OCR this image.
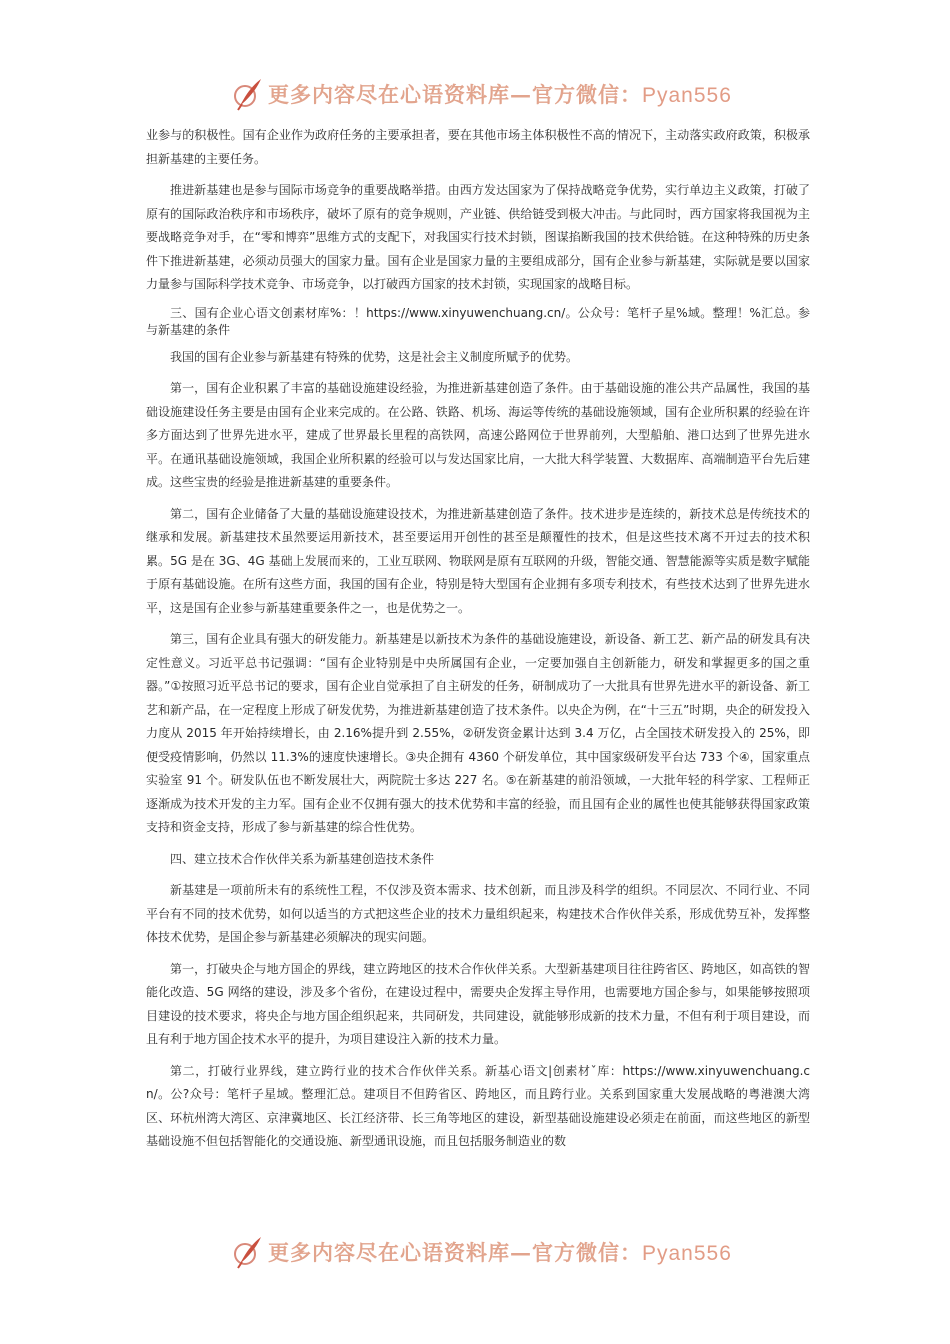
更多内容尽在心语资料库—官方微信：Pyan556

业参与的积极性。国有企业作为政府任务的主要承担者，要在其他市场主体积极性不高的情况下，主动落实政府政策，积极承担新基建的主要任务。

推进新基建也是参与国际市场竞争的重要战略举措。由西方发达国家为了保持战略竞争优势，实行单边主义政策，打破了原有的国际政治秩序和市场秩序，破坏了原有的竞争规则，产业链、供给链受到极大冲击。与此同时，西方国家将我国视为主要战略竞争对手，在“零和博弈”思维方式的支配下，对我国实行技术封锁，图谋掐断我国的技术供给链。在这种特殊的历史条件下推进新基建，必须动员强大的国家力量。国有企业是国家力量的主要组成部分，国有企业参与新基建，实际就是要以国家力量参与国际科学技术竞争、市场竞争，以打破西方国家的技术封锁，实现国家的战略目标。

三、国有企业心语文创素材库%：！https://www.xinyuwenchuang.cn/。公众号：笔杆子星%域。整理！%汇总。参与新基建的条件

我国的国有企业参与新基建有特殊的优势，这是社会主义制度所赋予的优势。

第一，国有企业积累了丰富的基础设施建设经验，为推进新基建创造了条件。由于基础设施的准公共产品属性，我国的基础设施建设任务主要是由国有企业来完成的。在公路、铁路、机场、海运等传统的基础设施领域，国有企业所积累的经验在许多方面达到了世界先进水平，建成了世界最长里程的高铁网，高速公路网位于世界前列，大型船舶、港口达到了世界先进水平。在通讯基础设施领域，我国企业所积累的经验可以与发达国家比肩，一大批大科学装置、大数据库、高端制造平台先后建成。这些宝贵的经验是推进新基建的重要条件。

第二，国有企业储备了大量的基础设施建设技术，为推进新基建创造了条件。技术进步是连续的，新技术总是传统技术的继承和发展。新基建技术虽然要运用新技术，甚至要运用开创性的甚至是颠覆性的技术，但是这些技术离不开过去的技术积累。5G 是在 3G、4G 基础上发展而来的，工业互联网、物联网是原有互联网的升级，智能交通、智慧能源等实质是数字赋能于原有基础设施。在所有这些方面，我国的国有企业，特别是特大型国有企业拥有多项专利技术，有些技术达到了世界先进水平，这是国有企业参与新基建重要条件之一，也是优势之一。

第三，国有企业具有强大的研发能力。新基建是以新技术为条件的基础设施建设，新设备、新工艺、新产品的研发具有决定性意义。习近平总书记强调：“国有企业特别是中央所属国有企业，一定要加强自主创新能力，研发和掌握更多的国之重器。”①按照习近平总书记的要求，国有企业自觉承担了自主研发的任务，研制成功了一大批具有世界先进水平的新设备、新工艺和新产品，在一定程度上形成了研发优势，为推进新基建创造了技术条件。以央企为例，在“十三五”时期，央企的研发投入力度从 2015 年开始持续增长，由 2.16%提升到 2.55%，②研发资金累计达到 3.4 万亿，占全国技术研发投入的 25%，即便受疫情影响，仍然以 11.3%的速度快速增长。③央企拥有 4360 个研发单位，其中国家级研发平台达 733 个④，国家重点实验室 91 个。研发队伍也不断发展壮大，两院院士多达 227 名。⑤在新基建的前沿领域，一大批年轻的科学家、工程师正逐渐成为技术开发的主力军。国有企业不仅拥有强大的技术优势和丰富的经验，而且国有企业的属性也使其能够获得国家政策支持和资金支持，形成了参与新基建的综合性优势。

四、建立技术合作伙伴关系为新基建创造技术条件

新基建是一项前所未有的系统性工程，不仅涉及资本需求、技术创新，而且涉及科学的组织。不同层次、不同行业、不同平台有不同的技术优势，如何以适当的方式把这些企业的技术力量组织起来，构建技术合作伙伴关系，形成优势互补，发挥整体技术优势，是国企参与新基建必须解决的现实问题。

第一，打破央企与地方国企的界线，建立跨地区的技术合作伙伴关系。大型新基建项目往往跨省区、跨地区，如高铁的智能化改造、5G 网络的建设，涉及多个省份，在建设过程中，需要央企发挥主导作用，也需要地方国企参与，如果能够按照项目建设的技术要求，将央企与地方国企组织起来，共同研发，共同建设，就能够形成新的技术力量，不但有利于项目建设，而且有利于地方国企技术水平的提升，为项目建设注入新的技术力量。

第二，打破行业界线，建立跨行业的技术合作伙伴关系。新基心语文|创素材ˇ库：https://www.xinyuwenchuang.cn/。公?众号：笔杆子星域。整理汇总。建项目不但跨省区、跨地区，而且跨行业。关系到国家重大发展战略的粤港澳大湾区、环杭州湾大湾区、京津冀地区、长江经济带、长三角等地区的建设，新型基础设施建设必须走在前面，而这些地区的新型基础设施不但包括智能化的交通设施、新型通讯设施，而且包括服务制造业的数

更多内容尽在心语资料库—官方微信：Pyan556
